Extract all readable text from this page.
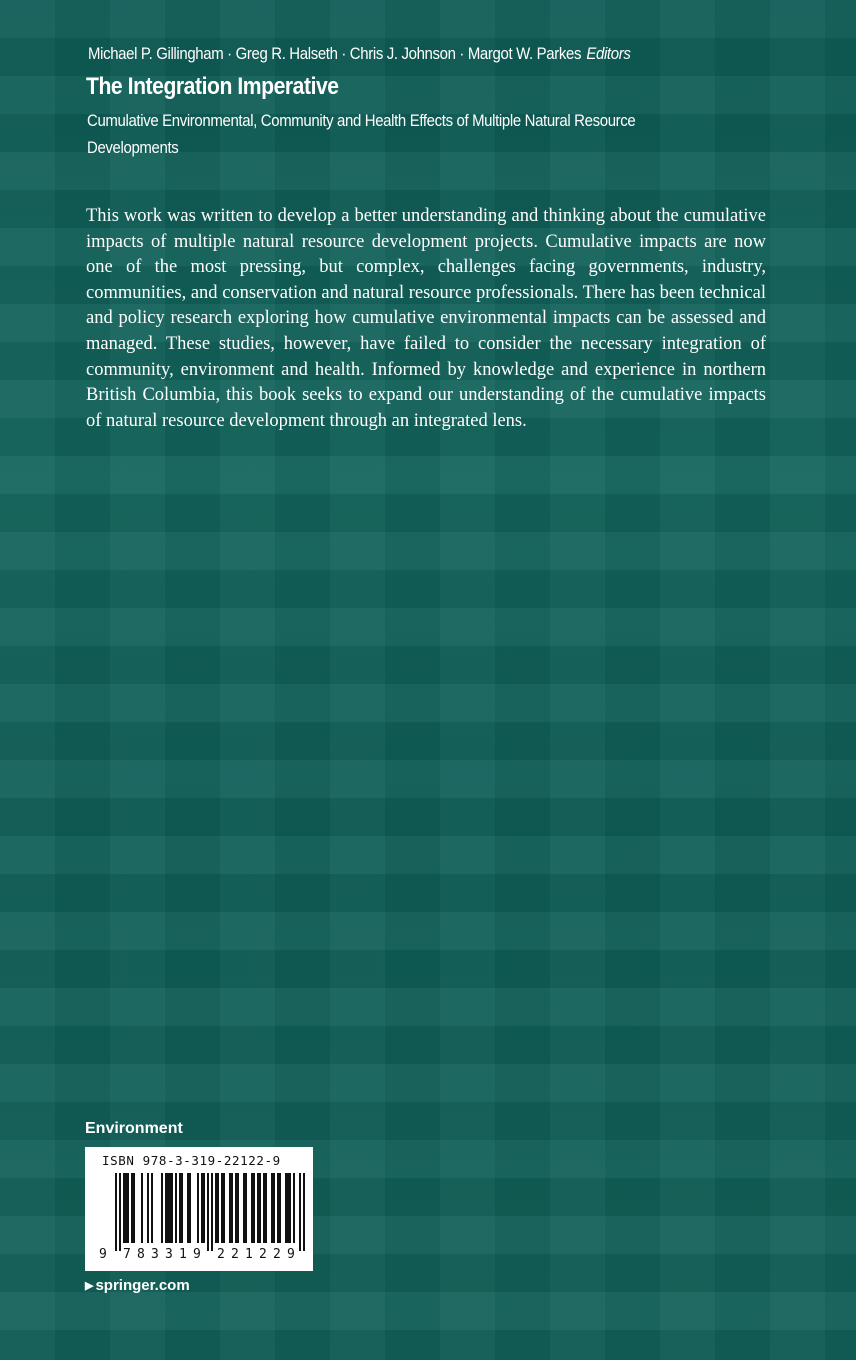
Michael P. Gillingham · Greg R. Halseth · Chris J. Johnson · Margot W. Parkes Editors
The Integration Imperative
Cumulative Environmental, Community and Health Effects of Multiple Natural Resource
Developments
This work was written to develop a better understanding and thinking about the cumulative impacts of multiple natural resource development projects. Cumulative impacts are now one of the most pressing, but complex, challenges facing governments, industry, communities, and conservation and natural resource professionals. There has been technical and policy research exploring how cumulative environmental impacts can be assessed and managed. These studies, however, have failed to consider the necessary integration of community, environment and health. Informed by knowledge and experience in northern British Columbia, this book seeks to expand our understanding of the cumulative impacts of natural resource development through an integrated lens.
Environment
ISBN 978-3-319-22122-9
9 7 8 3 3 1 9 2 2 1 2 2 9
▶ springer.com
